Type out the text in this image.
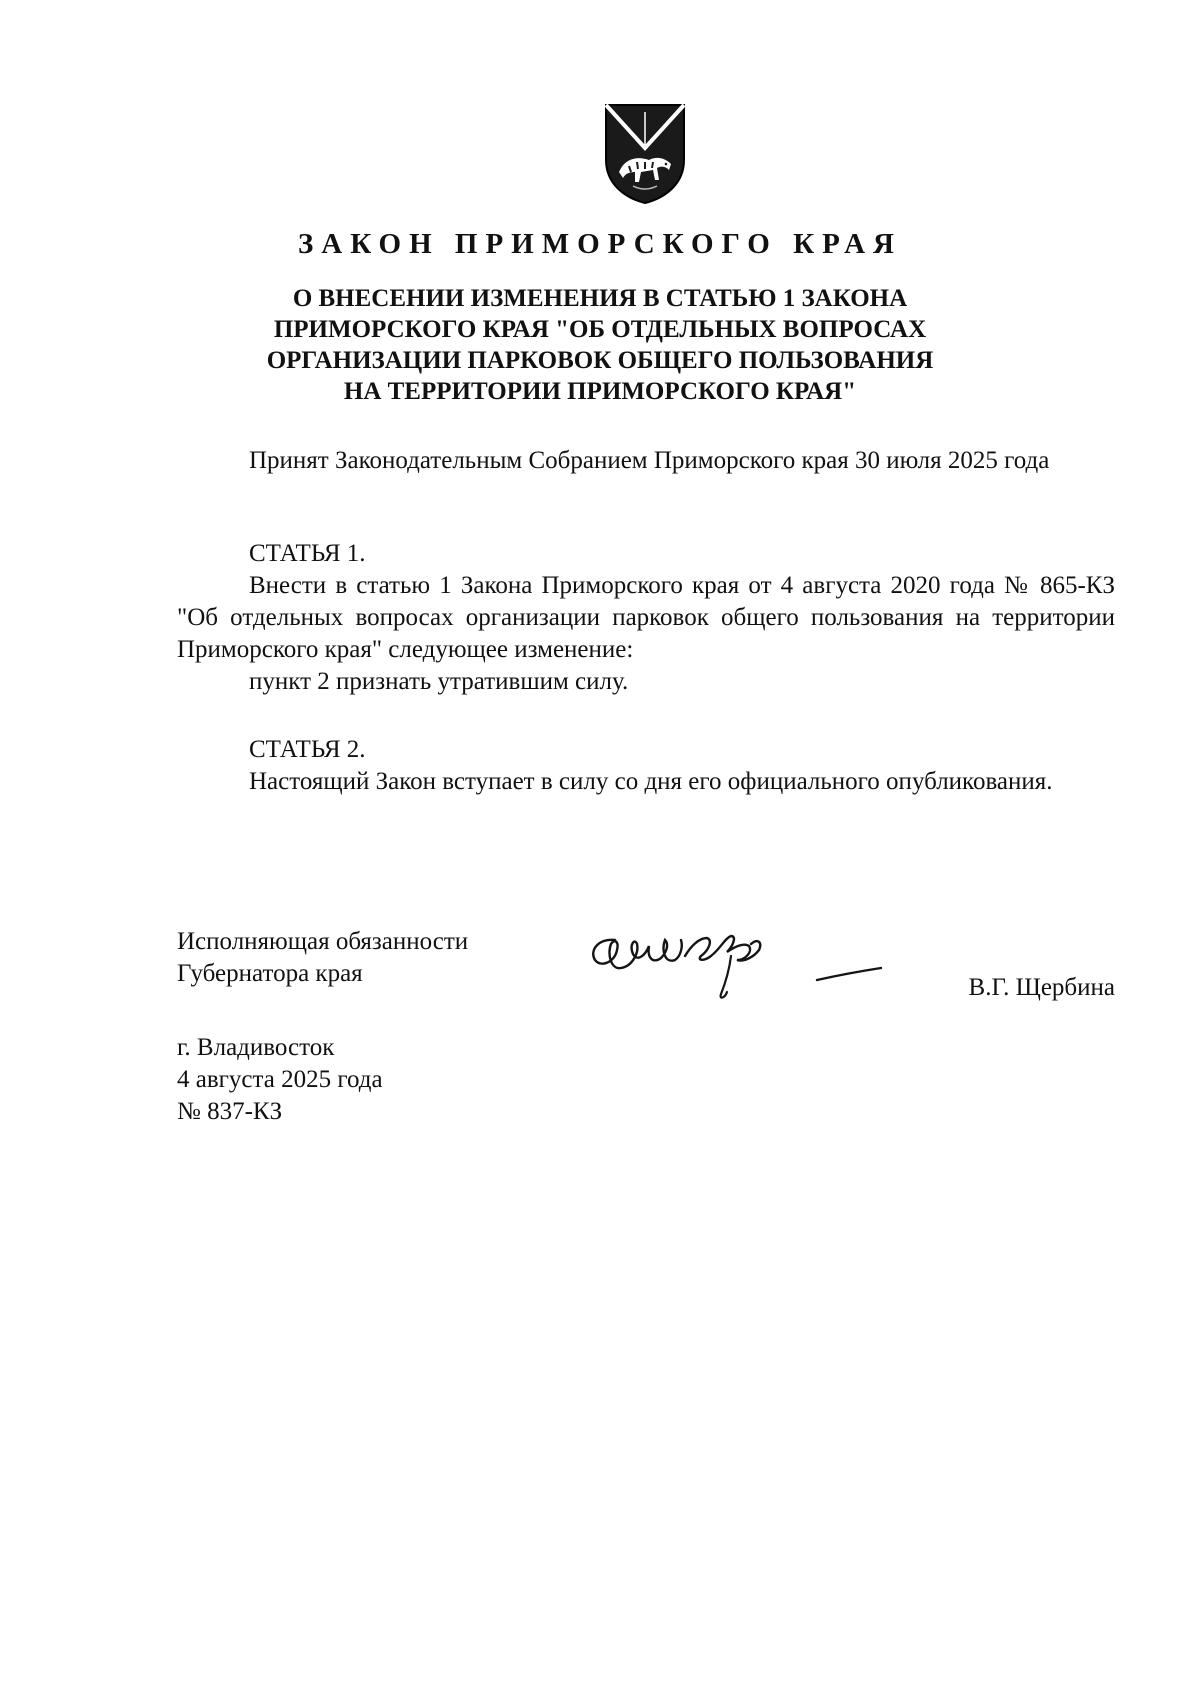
ЗАКОН ПРИМОРСКОГО КРАЯ
О ВНЕСЕНИИ ИЗМЕНЕНИЯ В СТАТЬЮ 1 ЗАКОНА
ПРИМОРСКОГО КРАЯ "ОБ ОТДЕЛЬНЫХ ВОПРОСАХ
ОРГАНИЗАЦИИ ПАРКОВОК ОБЩЕГО ПОЛЬЗОВАНИЯ
НА ТЕРРИТОРИИ ПРИМОРСКОГО КРАЯ"
Принят Законодательным Собранием Приморского края 30 июля 2025 года
СТАТЬЯ 1.
Внести в статью 1 Закона Приморского края от 4 августа 2020 года № 865-КЗ "Об отдельных вопросах организации парковок общего пользования на территории Приморского края" следующее изменение:
пункт 2 признать утратившим силу.
СТАТЬЯ 2.
Настоящий Закон вступает в силу со дня его официального опубликования.
Исполняющая обязанности
Губернатора края
В.Г. Щербина
г. Владивосток
4 августа 2025 года
№ 837-КЗ
